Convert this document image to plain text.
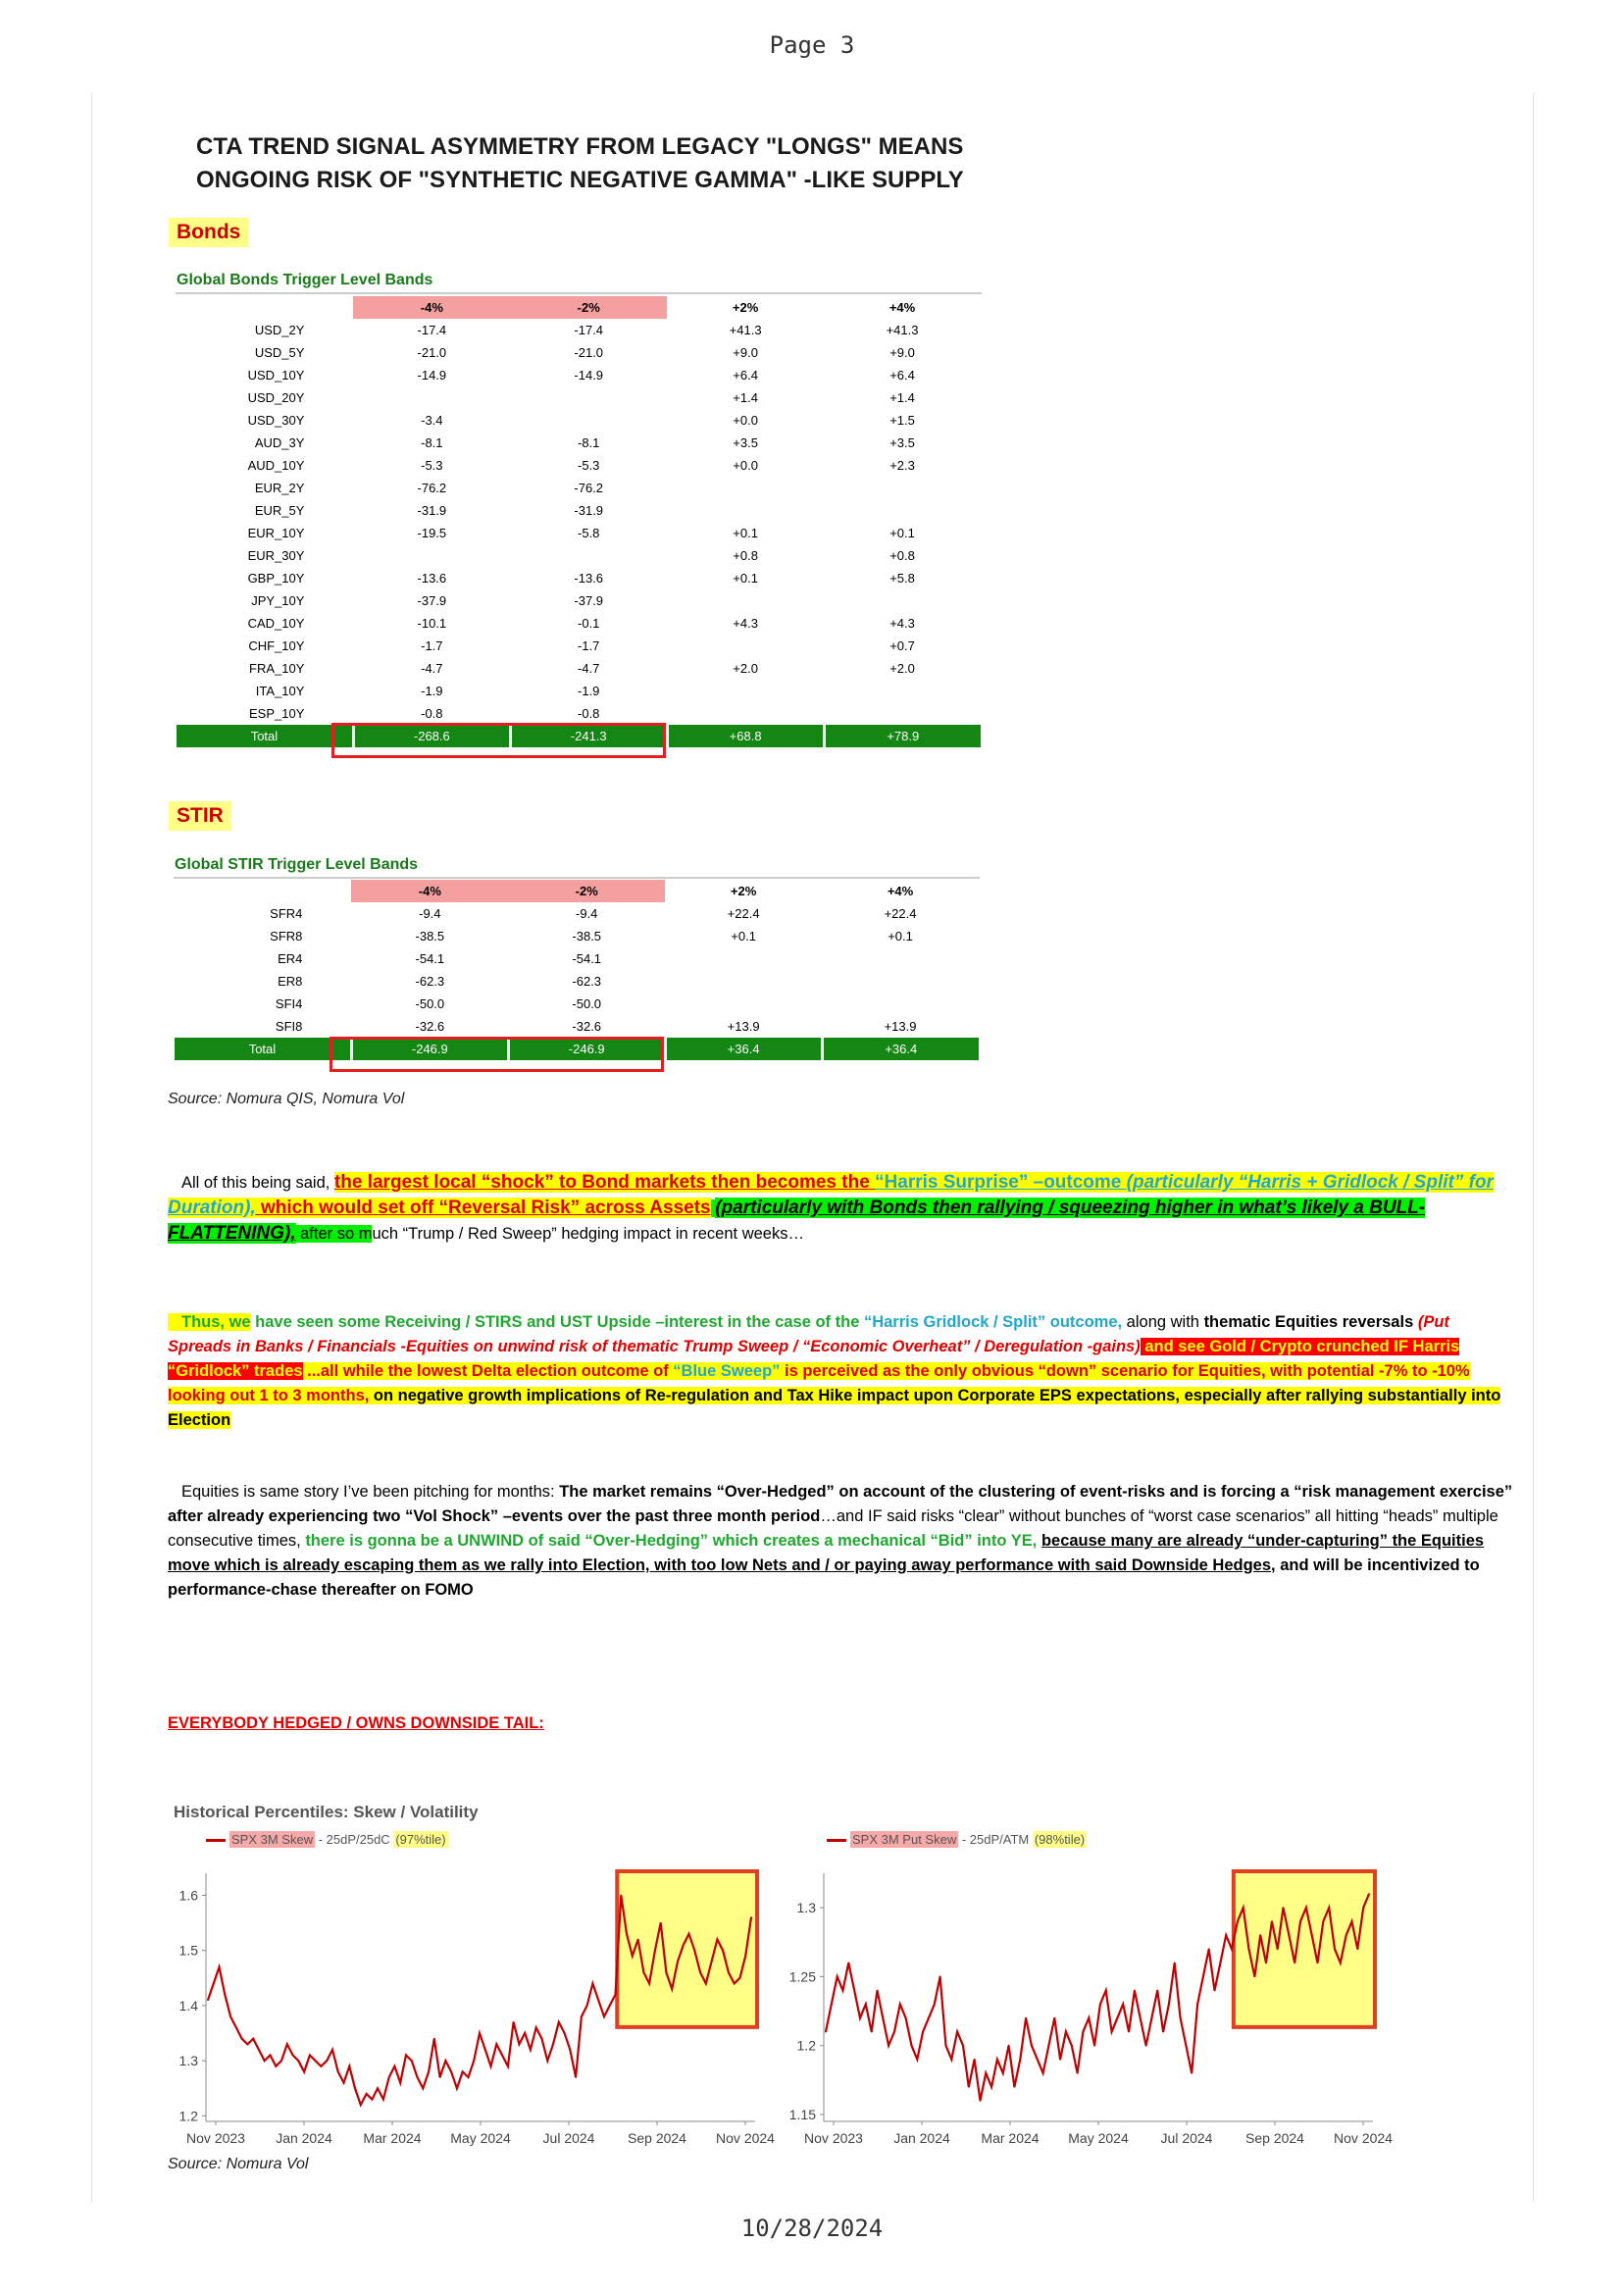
Page 3
CTA TREND SIGNAL ASYMMETRY FROM LEGACY "LONGS" MEANS
ONGOING RISK OF "SYNTHETIC NEGATIVE GAMMA" -LIKE SUPPLY
Bonds
Global Bonds Trigger Level Bands
	-4%	-2%	+2%	+4%
USD_2Y	-17.4	-17.4	+41.3	+41.3
USD_5Y	-21.0	-21.0	+9.0	+9.0
USD_10Y	-14.9	-14.9	+6.4	+6.4
USD_20Y			+1.4	+1.4
USD_30Y	-3.4		+0.0	+1.5
AUD_3Y	-8.1	-8.1	+3.5	+3.5
AUD_10Y	-5.3	-5.3	+0.0	+2.3
EUR_2Y	-76.2	-76.2		
EUR_5Y	-31.9	-31.9		
EUR_10Y	-19.5	-5.8	+0.1	+0.1
EUR_30Y			+0.8	+0.8
GBP_10Y	-13.6	-13.6	+0.1	+5.8
JPY_10Y	-37.9	-37.9		
CAD_10Y	-10.1	-0.1	+4.3	+4.3
CHF_10Y	-1.7	-1.7		+0.7
FRA_10Y	-4.7	-4.7	+2.0	+2.0
ITA_10Y	-1.9	-1.9		
ESP_10Y	-0.8	-0.8		
Total	-268.6	-241.3	+68.8	+78.9
STIR
Global STIR Trigger Level Bands
	-4%	-2%	+2%	+4%
SFR4	-9.4	-9.4	+22.4	+22.4
SFR8	-38.5	-38.5	+0.1	+0.1
ER4	-54.1	-54.1		
ER8	-62.3	-62.3		
SFI4	-50.0	-50.0		
SFI8	-32.6	-32.6	+13.9	+13.9
Total	-246.9	-246.9	+36.4	+36.4
Source: Nomura QIS, Nomura Vol
All of this being said, the largest local “shock” to Bond markets then becomes the “Harris Surprise” –outcome (particularly “Harris + Gridlock / Split” for Duration), which would set off “Reversal Risk” across Assets (particularly with Bonds then rallying / squeezing higher in what’s likely a BULL-FLATTENING), after so much “Trump / Red Sweep” hedging impact in recent weeks…
Thus, we have seen some Receiving / STIRS and UST Upside –interest in the case of the “Harris Gridlock / Split” outcome, along with thematic Equities reversals (Put Spreads in Banks / Financials -Equities on unwind risk of thematic Trump Sweep / “Economic Overheat” / Deregulation -gains) and see Gold / Crypto crunched IF Harris “Gridlock” trades ...all while the lowest Delta election outcome of “Blue Sweep” is perceived as the only obvious “down” scenario for Equities, with potential -7% to -10% looking out 1 to 3 months, on negative growth implications of Re-regulation and Tax Hike impact upon Corporate EPS expectations, especially after rallying substantially into Election
Equities is same story I’ve been pitching for months: The market remains “Over-Hedged” on account of the clustering of event-risks and is forcing a “risk management exercise” after already experiencing two “Vol Shock” –events over the past three month period…and IF said risks “clear” without bunches of “worst case scenarios” all hitting “heads” multiple consecutive times, there is gonna be a UNWIND of said “Over-Hedging” which creates a mechanical “Bid” into YE, because many are already “under-capturing” the Equities move which is already escaping them as we rally into Election, with too low Nets and / or paying away performance with said Downside Hedges, and will be incentivized to performance-chase thereafter on FOMO
EVERYBODY HEDGED / OWNS DOWNSIDE TAIL:
Historical Percentiles: Skew / Volatility
SPX 3M Skew - 25dP/25dC (97%tile)	SPX 3M Put Skew - 25dP/ATM (98%tile)
1.2
1.3
1.4
1.5
1.6
Nov 2023 Jan 2024 Mar 2024 May 2024 Jul 2024 Sep 2024 Nov 2024
1.15
1.2
1.25
1.3
Nov 2023 Jan 2024 Mar 2024 May 2024 Jul 2024 Sep 2024 Nov 2024
Source: Nomura Vol
10/28/2024
